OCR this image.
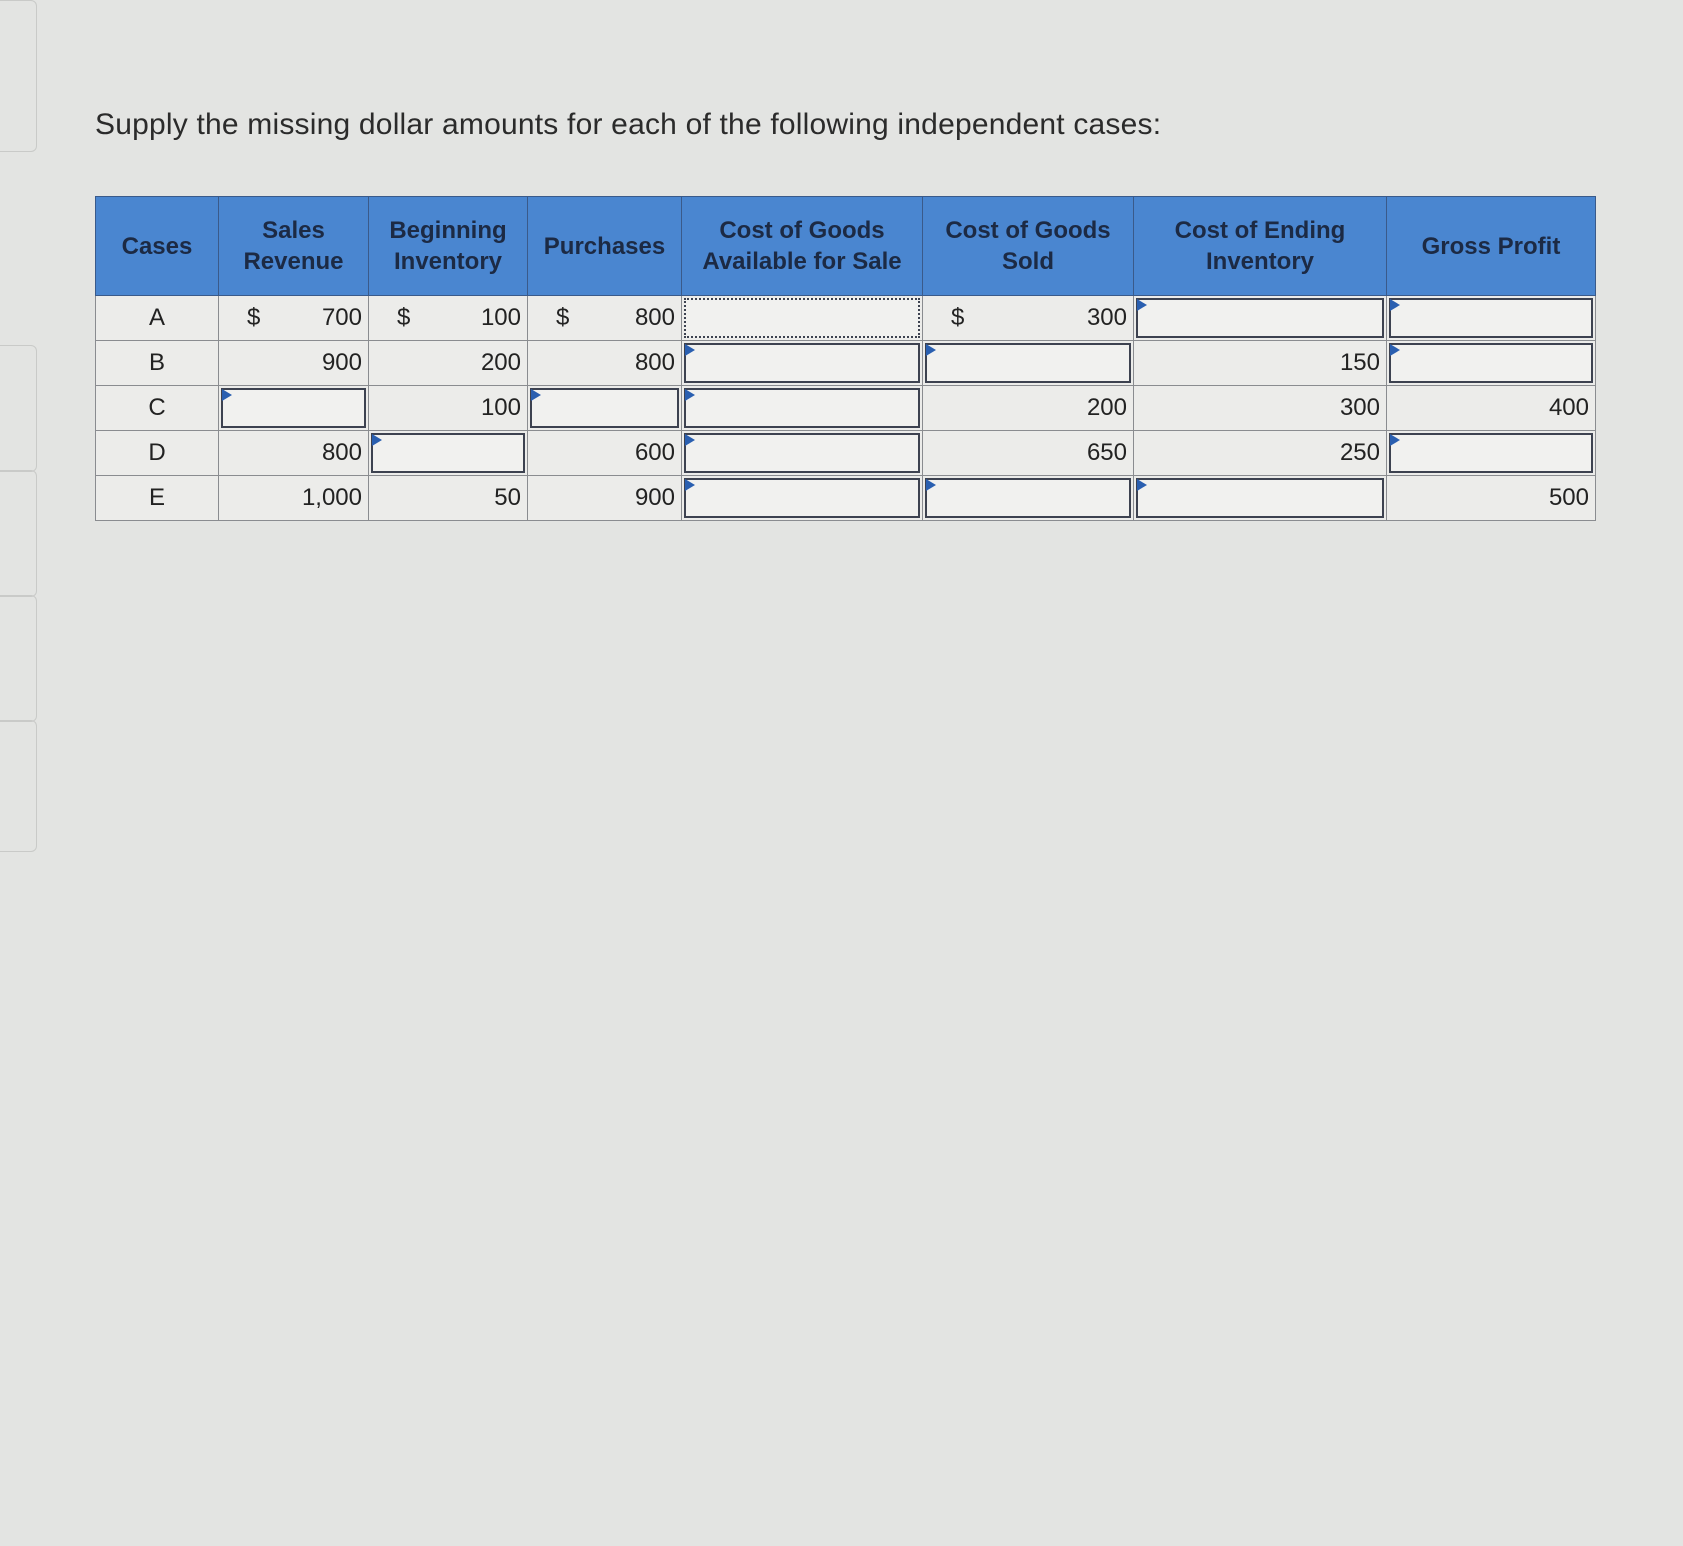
Supply the missing dollar amounts for each of the following independent cases:
Cases	Sales Revenue	Beginning Inventory	Purchases	Cost of Goods Available for Sale	Cost of Goods Sold	Cost of Ending Inventory	Gross Profit
A	$ 700	$ 100	$ 800		$ 300	

B	900	200	800			150	

C		100			200	300	400
D	800		600		650	250	

E	1,000	50	900				500
